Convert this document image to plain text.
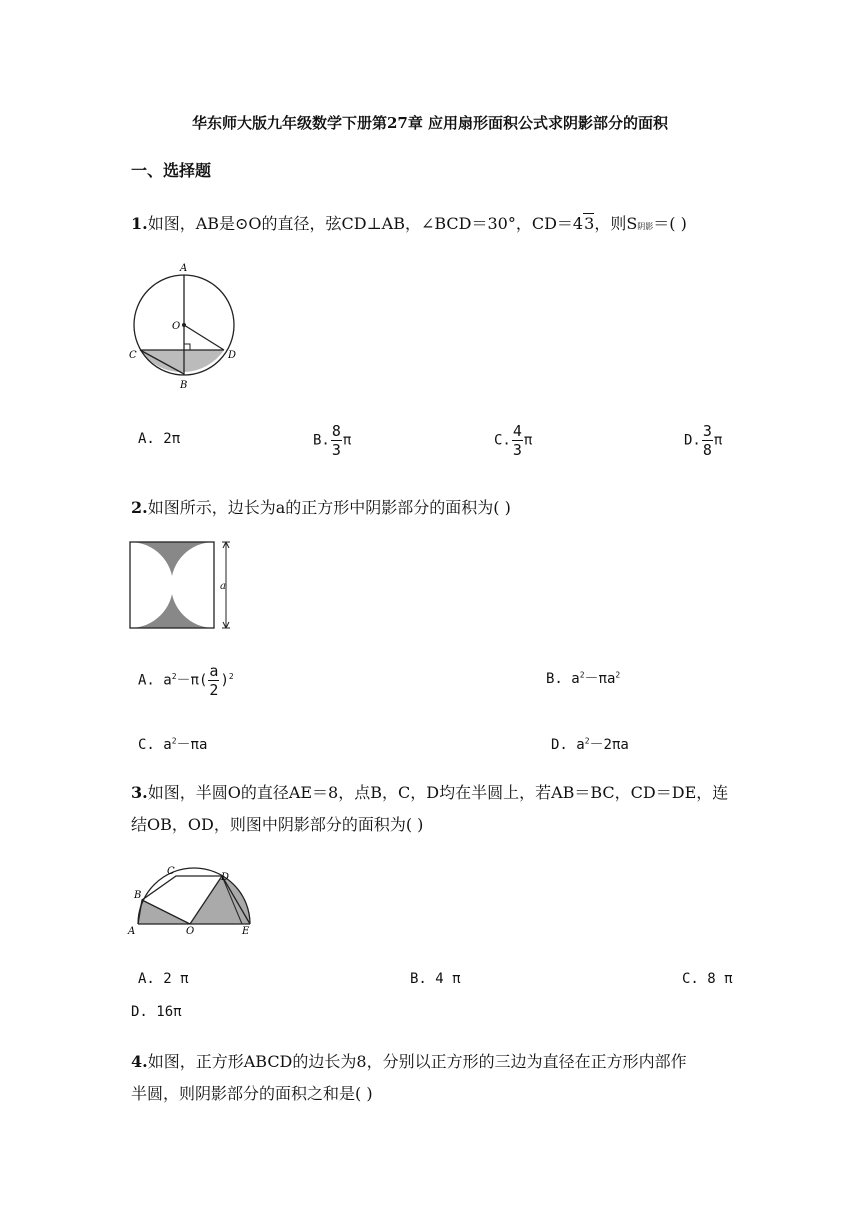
华东师大版九年级数学下册第27章 应用扇形面积公式求阴影部分的面积
一、选择题
1.如图，AB是⊙O的直径，弦CD⊥AB，∠BCD＝30°，CD＝43，则S阴影＝( )
A
O
C	D
B
A. 2π	B. $\frac{8}{3}$ π	C. $\frac{4}{3}$ π	D. $\frac{3}{8}$ π
2.如图所示，边长为a的正方形中阴影部分的面积为( )
a
A. $a^2-\pi( \frac{a}{2} )^2$	B. $a^2-\pi a^2$
C. $a^2-\pi a$	D. $a^2-2\pi a$
3.如图，半圆O的直径AE＝8，点B，C，D均在半圆上，若AB＝BC，CD＝DE，连
结OB，OD，则图中阴影部分的面积为( )
A
B
C
D
O	E
A. 2 π	B. 4 π	C. 8 π
D. 16π
4.如图，正方形ABCD的边长为8，分别以正方形的三边为直径在正方形内部作
半圆，则阴影部分的面积之和是( )
